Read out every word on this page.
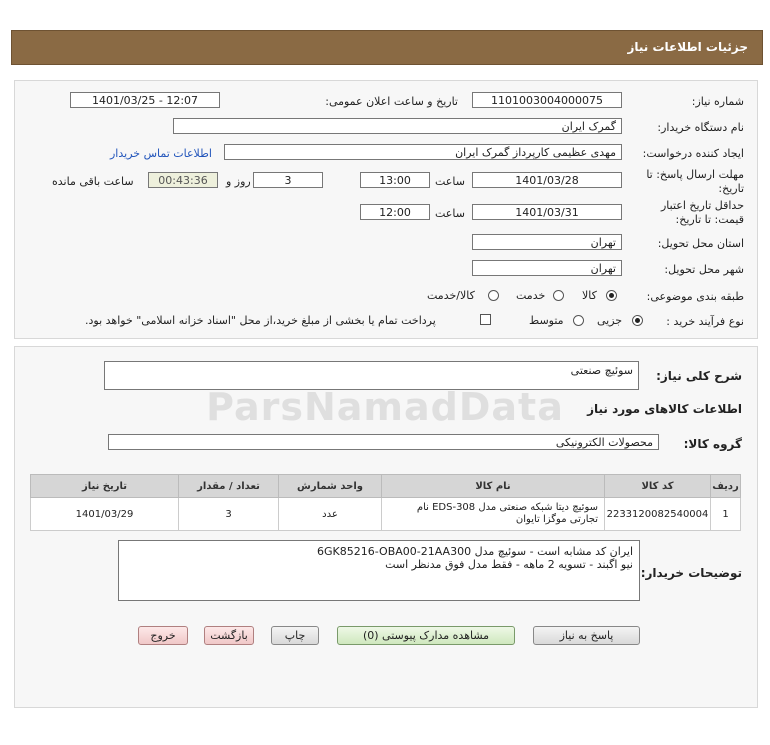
جزئیات اطلاعات نیاز
شماره نیاز:
1101003004000075
تاریخ و ساعت اعلان عمومی:
1401/03/25 - 12:07
نام دستگاه خریدار:
گمرک ایران
ایجاد کننده درخواست:
مهدی عظیمی کارپرداز گمرک ایران
اطلاعات تماس خریدار
مهلت ارسال پاسخ: تا
تاریخ:
1401/03/28
ساعت
13:00
3
روز و
00:43:36
ساعت باقی مانده
حداقل تاریخ اعتبار
قیمت: تا تاریخ:
1401/03/31
ساعت
12:00
استان محل تحویل:
تهران
شهر محل تحویل:
تهران
طبقه بندی موضوعی:
کالا
خدمت
کالا/خدمت
نوع فرآیند خرید :
جزیی
متوسط
پرداخت تمام یا بخشی از مبلغ خرید،از محل "اسناد خزانه اسلامی" خواهد بود.
شرح کلی نیاز:
سوئیچ صنعتی
ParsNamadData اطلاعات کالاهای مورد نیاز
گروه کالا:
محصولات الکترونیکی
ردیف	کد کالا	نام کالا	واحد شمارش	تعداد / مقدار	تاریخ نیاز
1	2233120082540004	سوئیچ دیتا شبکه صنعتی مدل EDS-308 نام تجارتی موگزا تایوان	عدد	3	1401/03/29
توضیحات خریدار:
ایران کد مشابه است - سوئیچ مدل 6GK85216-OBA00-21AA300
نیو اگبند - تسویه 2 ماهه - فقط مدل فوق مدنظر است
پاسخ به نیاز
مشاهده مدارک پیوستی (0)
چاپ
بازگشت
خروج
